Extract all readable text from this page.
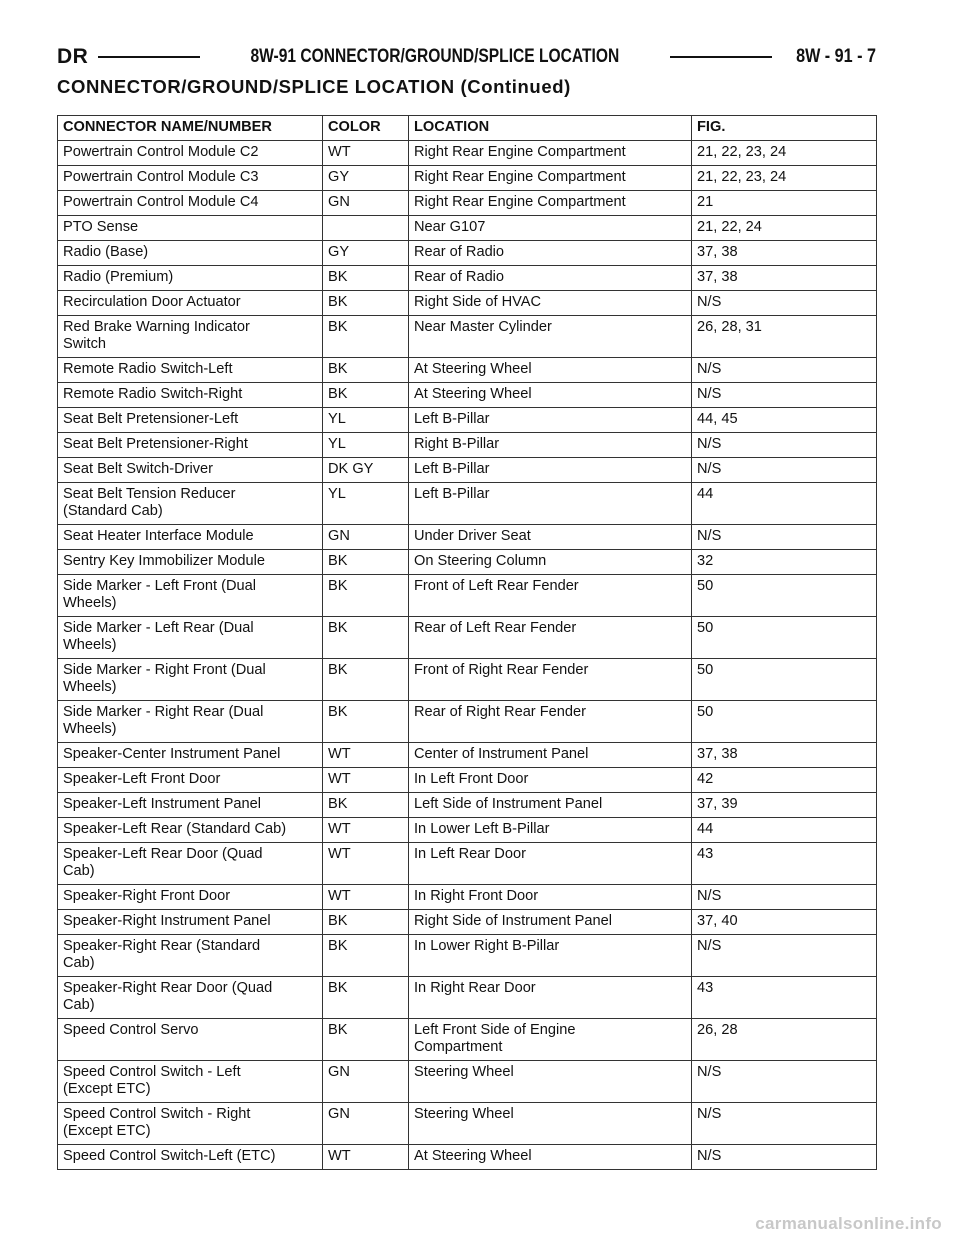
DR	8W-91 CONNECTOR/GROUND/SPLICE LOCATION	8W - 91 - 7
CONNECTOR/GROUND/SPLICE LOCATION (Continued)
CONNECTOR NAME/NUMBER	COLOR	LOCATION	FIG.
Powertrain Control Module C2	WT	Right Rear Engine Compartment	21, 22, 23, 24
Powertrain Control Module C3	GY	Right Rear Engine Compartment	21, 22, 23, 24
Powertrain Control Module C4	GN	Right Rear Engine Compartment	21
PTO Sense		Near G107	21, 22, 24
Radio (Base)	GY	Rear of Radio	37, 38
Radio (Premium)	BK	Rear of Radio	37, 38
Recirculation Door Actuator	BK	Right Side of HVAC	N/S
Red Brake Warning Indicator
Switch	BK	Near Master Cylinder	26, 28, 31
Remote Radio Switch-Left	BK	At Steering Wheel	N/S
Remote Radio Switch-Right	BK	At Steering Wheel	N/S
Seat Belt Pretensioner-Left	YL	Left B-Pillar	44, 45
Seat Belt Pretensioner-Right	YL	Right B-Pillar	N/S
Seat Belt Switch-Driver	DK GY	Left B-Pillar	N/S
Seat Belt Tension Reducer
(Standard Cab)	YL	Left B-Pillar	44
Seat Heater Interface Module	GN	Under Driver Seat	N/S
Sentry Key Immobilizer Module	BK	On Steering Column	32
Side Marker - Left Front (Dual
Wheels)	BK	Front of Left Rear Fender	50
Side Marker - Left Rear (Dual
Wheels)	BK	Rear of Left Rear Fender	50
Side Marker - Right Front (Dual
Wheels)	BK	Front of Right Rear Fender	50
Side Marker - Right Rear (Dual
Wheels)	BK	Rear of Right Rear Fender	50
Speaker-Center Instrument Panel	WT	Center of Instrument Panel	37, 38
Speaker-Left Front Door	WT	In Left Front Door	42
Speaker-Left Instrument Panel	BK	Left Side of Instrument Panel	37, 39
Speaker-Left Rear (Standard Cab)	WT	In Lower Left B-Pillar	44
Speaker-Left Rear Door (Quad
Cab)	WT	In Left Rear Door	43
Speaker-Right Front Door	WT	In Right Front Door	N/S
Speaker-Right Instrument Panel	BK	Right Side of Instrument Panel	37, 40
Speaker-Right Rear (Standard
Cab)	BK	In Lower Right B-Pillar	N/S
Speaker-Right Rear Door (Quad
Cab)	BK	In Right Rear Door	43
Speed Control Servo	BK	Left Front Side of Engine
Compartment	26, 28
Speed Control Switch - Left
(Except ETC)	GN	Steering Wheel	N/S
Speed Control Switch - Right
(Except ETC)	GN	Steering Wheel	N/S
Speed Control Switch-Left (ETC)	WT	At Steering Wheel	N/S
carmanualsonline.info
